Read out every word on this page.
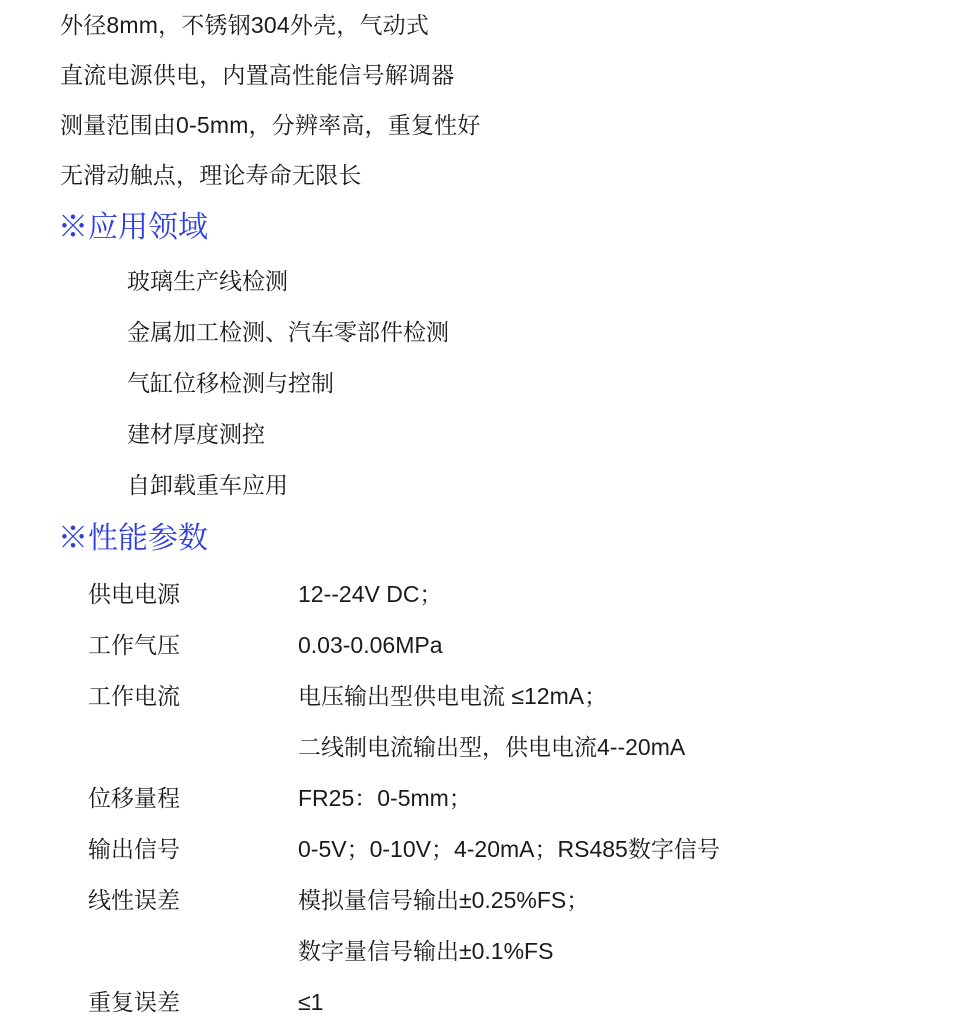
外径8mm，不锈钢304外壳，气动式
直流电源供电，内置高性能信号解调器
测量范围由0-5mm，分辨率高，重复性好
无滑动触点，理论寿命无限长
※应用领域
玻璃生产线检测
金属加工检测、汽车零部件检测
气缸位移检测与控制
建材厚度测控
自卸载重车应用
※性能参数
供电电源	12--24V DC；
工作气压	0.03-0.06MPa
工作电流	电压输出型供电电流 ≤12mA；
二线制电流输出型，供电电流4--20mA

位移量程	FR25：0-5mm；
输出信号	0-5V；0-10V；4-20mA；RS485数字信号
线性误差	模拟量信号输出±0.25%FS；
数字量信号输出±0.1%FS

重复误差	≤1
